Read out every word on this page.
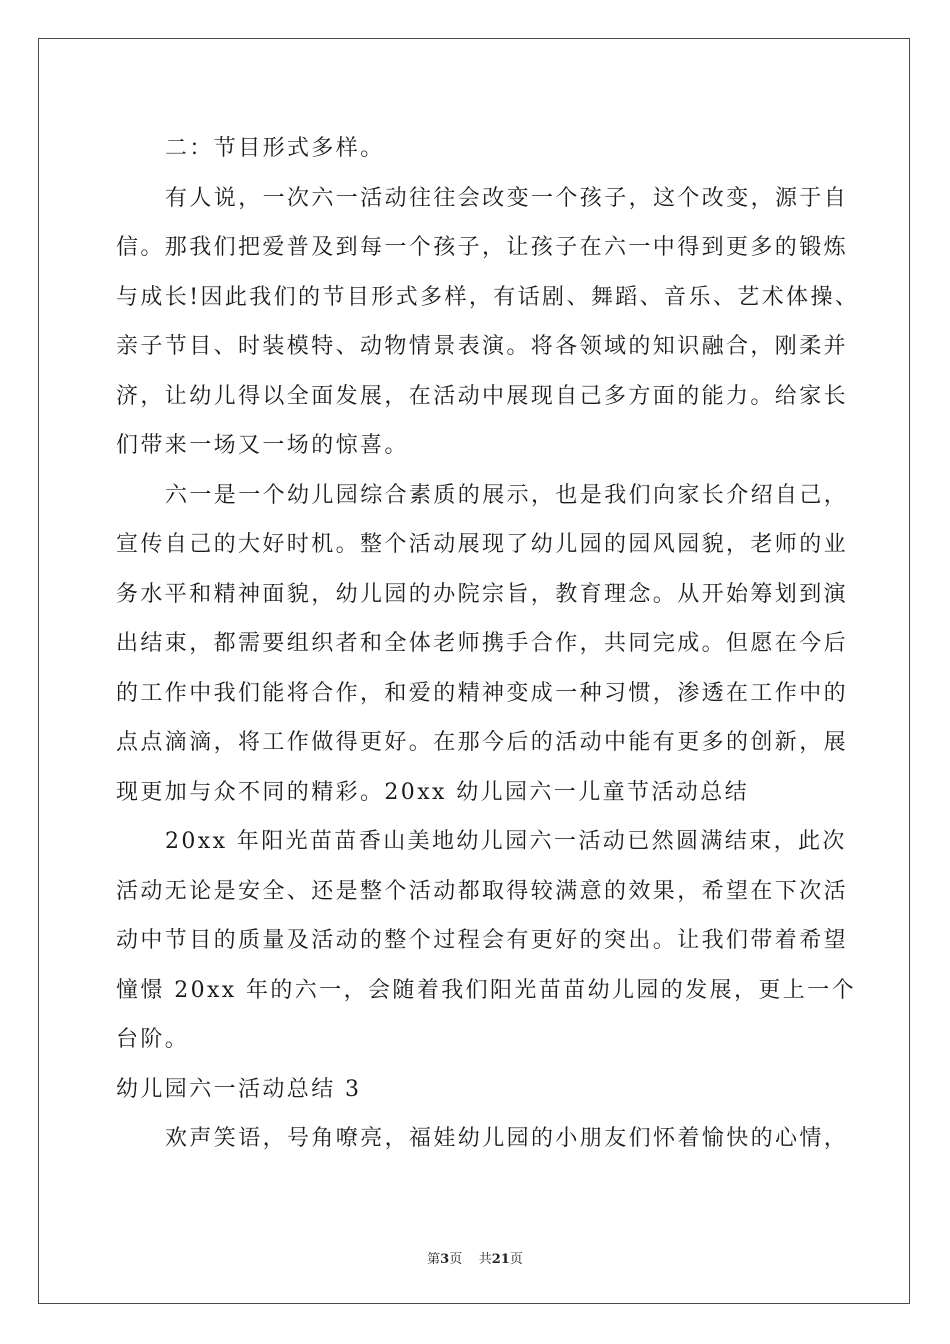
二：节目形式多样。
有人说，一次六一活动往往会改变一个孩子，这个改变，源于自
信。那我们把爱普及到每一个孩子，让孩子在六一中得到更多的锻炼
与成长!因此我们的节目形式多样，有话剧、舞蹈、音乐、艺术体操、
亲子节目、时装模特、动物情景表演。将各领域的知识融合，刚柔并
济，让幼儿得以全面发展，在活动中展现自己多方面的能力。给家长
们带来一场又一场的惊喜。
六一是一个幼儿园综合素质的展示，也是我们向家长介绍自己，
宣传自己的大好时机。整个活动展现了幼儿园的园风园貌，老师的业
务水平和精神面貌，幼儿园的办院宗旨，教育理念。从开始筹划到演
出结束，都需要组织者和全体老师携手合作，共同完成。但愿在今后
的工作中我们能将合作，和爱的精神变成一种习惯，渗透在工作中的
点点滴滴，将工作做得更好。在那今后的活动中能有更多的创新，展
现更加与众不同的精彩。20xx 幼儿园六一儿童节活动总结
20xx 年阳光苗苗香山美地幼儿园六一活动已然圆满结束，此次
活动无论是安全、还是整个活动都取得较满意的效果，希望在下次活
动中节目的质量及活动的整个过程会有更好的突出。让我们带着希望
憧憬 20xx 年的六一，会随着我们阳光苗苗幼儿园的发展，更上一个
台阶。
幼儿园六一活动总结 3
欢声笑语，号角嘹亮，福娃幼儿园的小朋友们怀着愉快的心情，
第3页 共21页
